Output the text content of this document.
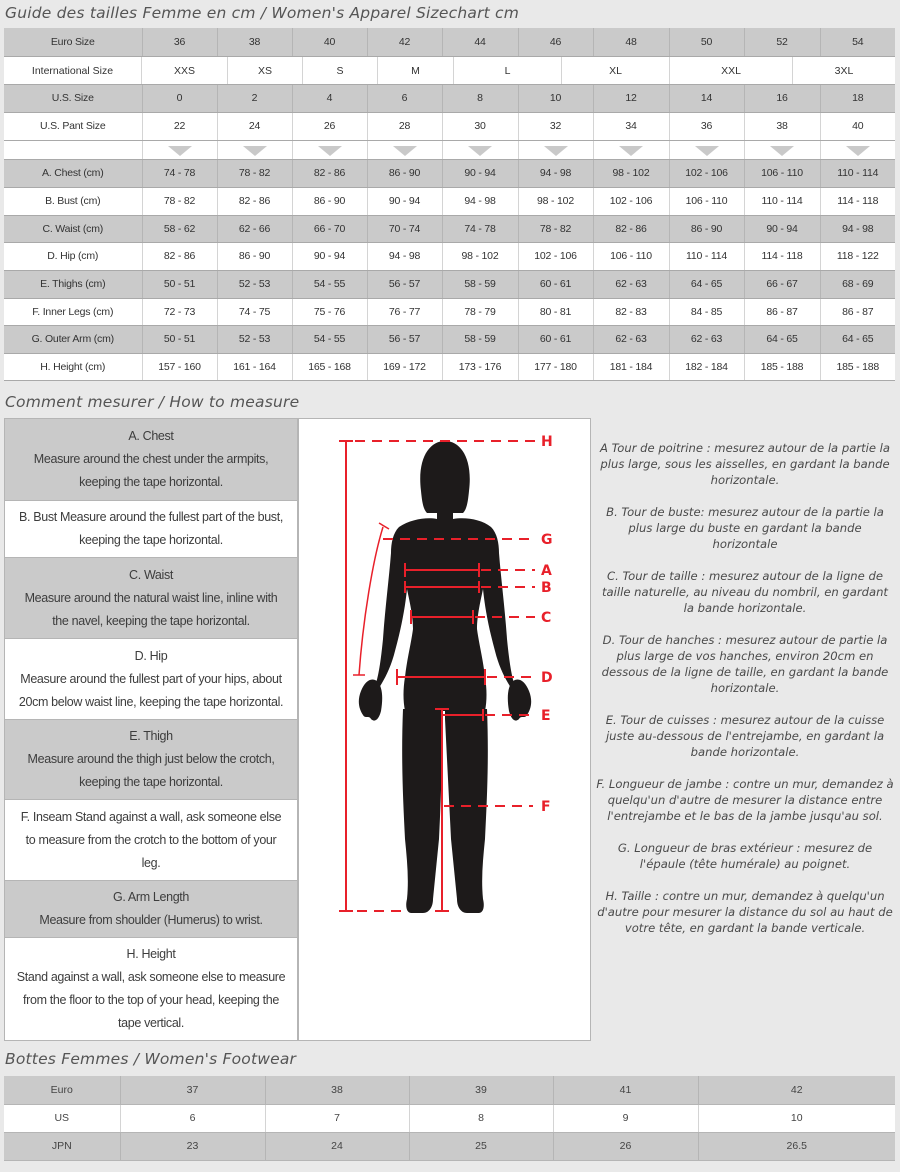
Guide des tailles Femme en cm / Women's Apparel Sizechart cm
Euro Size	36	38	40	42	44	46	48	50	52	54

U.S. Size	0	2	4	6	8	10	12	14	16	18
U.S. Pant Size	22	24	26	28	30	32	34	36	38	40

A. Chest (cm)	74 - 78	78 - 82	82 - 86	86 - 90	90 - 94	94 - 98	98 - 102	102 - 106	106 - 110	110 - 114
B. Bust (cm)	78 - 82	82 - 86	86 - 90	90 - 94	94 - 98	98 - 102	102 - 106	106 - 110	110 - 114	114 - 118
C. Waist (cm)	58 - 62	62 - 66	66 - 70	70 - 74	74 - 78	78 - 82	82 - 86	86 - 90	90 - 94	94 - 98
D. Hip (cm)	82 - 86	86 - 90	90 - 94	94 - 98	98 - 102	102 - 106	106 - 110	110 - 114	114 - 118	118 - 122
E. Thighs (cm)	50 - 51	52 - 53	54 - 55	56 - 57	58 - 59	60 - 61	62 - 63	64 - 65	66 - 67	68 - 69
F. Inner Legs (cm)	72 - 73	74 - 75	75 - 76	76 - 77	78 - 79	80 - 81	82 - 83	84 - 85	86 - 87	86 - 87
G. Outer Arm (cm)	50 - 51	52 - 53	54 - 55	56 - 57	58 - 59	60 - 61	62 - 63	62 - 63	64 - 65	64 - 65
H. Height (cm)	157 - 160	161 - 164	165 - 168	169 - 172	173 - 176	177 - 180	181 - 184	182 - 184	185 - 188	185 - 188
International Size	XXS	XS	S	M	L	XL	XXL	3XL
Comment mesurer / How to measure
A. Chest
Measure around the chest under the armpits,
keeping the tape horizontal.
B. Bust Measure around the fullest part of the bust,
keeping the tape horizontal.
C. Waist
Measure around the natural waist line, inline with
the navel, keeping the tape horizontal.
D. Hip
Measure around the fullest part of your hips, about
20cm below waist line, keeping the tape horizontal.
E. Thigh
Measure around the thigh just below the crotch,
keeping the tape horizontal.
F. Inseam Stand against a wall, ask someone else
to measure from the crotch to the bottom of your
leg.
G. Arm Length
Measure from shoulder (Humerus) to wrist.
H. Height
Stand against a wall, ask someone else to measure
from the floor to the top of your head, keeping the
tape vertical.
H
G
A
B
C
D
E
F

A Tour de poitrine : mesurez autour de la partie la plus large, sous les aisselles, en gardant la bande horizontale.

B. Tour de buste: mesurez autour de la partie la plus large du buste en gardant la bande horizontale

C. Tour de taille : mesurez autour de la ligne de taille naturelle, au niveau du nombril, en gardant la bande horizontale.

D. Tour de hanches : mesurez autour de partie la plus large de vos hanches, environ 20cm en dessous de la ligne de taille, en gardant la bande horizontale.

E. Tour de cuisses : mesurez autour de la cuisse juste au-dessous de l'entrejambe, en gardant la bande horizontale.

F. Longueur de jambe : contre un mur, demandez à quelqu'un d'autre de mesurer la distance entre l'entrejambe et le bas de la jambe jusqu'au sol.

G. Longueur de bras extérieur : mesurez de l'épaule (tête humérale) au poignet.

H. Taille : contre un mur, demandez à quelqu'un d'autre pour mesurer la distance du sol au haut de votre tête, en gardant la bande verticale.

Bottes Femmes / Women's Footwear
Euro	37	38	39	41	42
US	6	7	8	9	10
JPN	23	24	25	26	26.5
